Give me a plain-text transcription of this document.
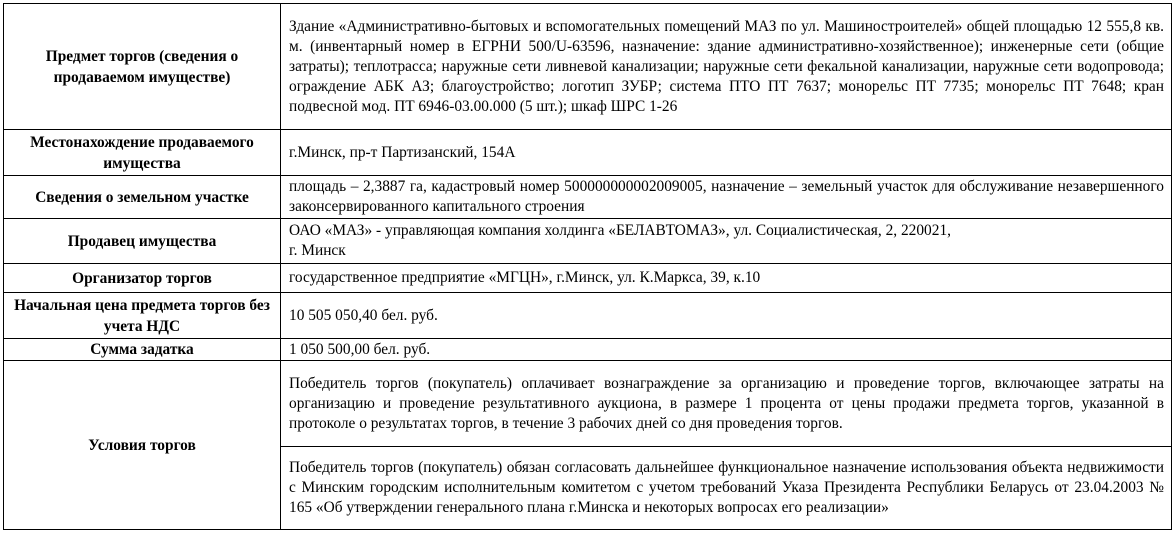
Предмет торгов (сведения о продаваемом имуществе)	Здание «Административно-бытовых и вспомогательных помещений МАЗ по ул. Машиностроителей» общей площадью 12 555,8 кв. м. (инвентарный номер в ЕГРНИ 500/U-63596, назначение: здание административно-хозяйственное); инженерные сети (общие затраты); теплотрасса; наружные сети ливневой канализации; наружные сети фекальной канализации, наружные сети водопровода; ограждение АБК АЗ; благоустройство; логотип ЗУБР; система ПТО ПТ 7637; монорельс ПТ 7735; монорельс ПТ 7648; кран подвесной мод. ПТ 6946-03.00.000 (5 шт.); шкаф ШРС 1-26
Местонахождение продаваемого имущества	г.Минск, пр-т Партизанский, 154А
Сведения о земельном участке	площадь – 2,3887 га, кадастровый номер 500000000002009005, назначение – земельный участок для обслуживание незавершенного законсервированного капитального строения
Продавец имущества	ОАО «МАЗ» - управляющая компания холдинга «БЕЛАВТОМАЗ», ул. Социалистическая, 2, 220021,
г. Минск

Организатор торгов	государственное предприятие «МГЦН», г.Минск, ул. К.Маркса, 39, к.10
Начальная цена предмета торгов без учета НДС	10 505 050,40 бел. руб.
Сумма задатка	1 050 500,00 бел. руб.
Условия торгов	Победитель торгов (покупатель) оплачивает вознаграждение за организацию и проведение торгов, включающее затраты на организацию и проведение результативного аукциона, в размере 1 процента от цены продажи предмета торгов, указанной в протоколе о результатах торгов, в течение 3 рабочих дней со дня проведения торгов.
	Победитель торгов (покупатель) обязан согласовать дальнейшее функциональное назначение использования объекта недвижимости с Минским городским исполнительным комитетом с учетом требований Указа Президента Республики Беларусь от 23.04.2003 № 165 «Об утверждении генерального плана г.Минска и некоторых вопросах его реализации»
